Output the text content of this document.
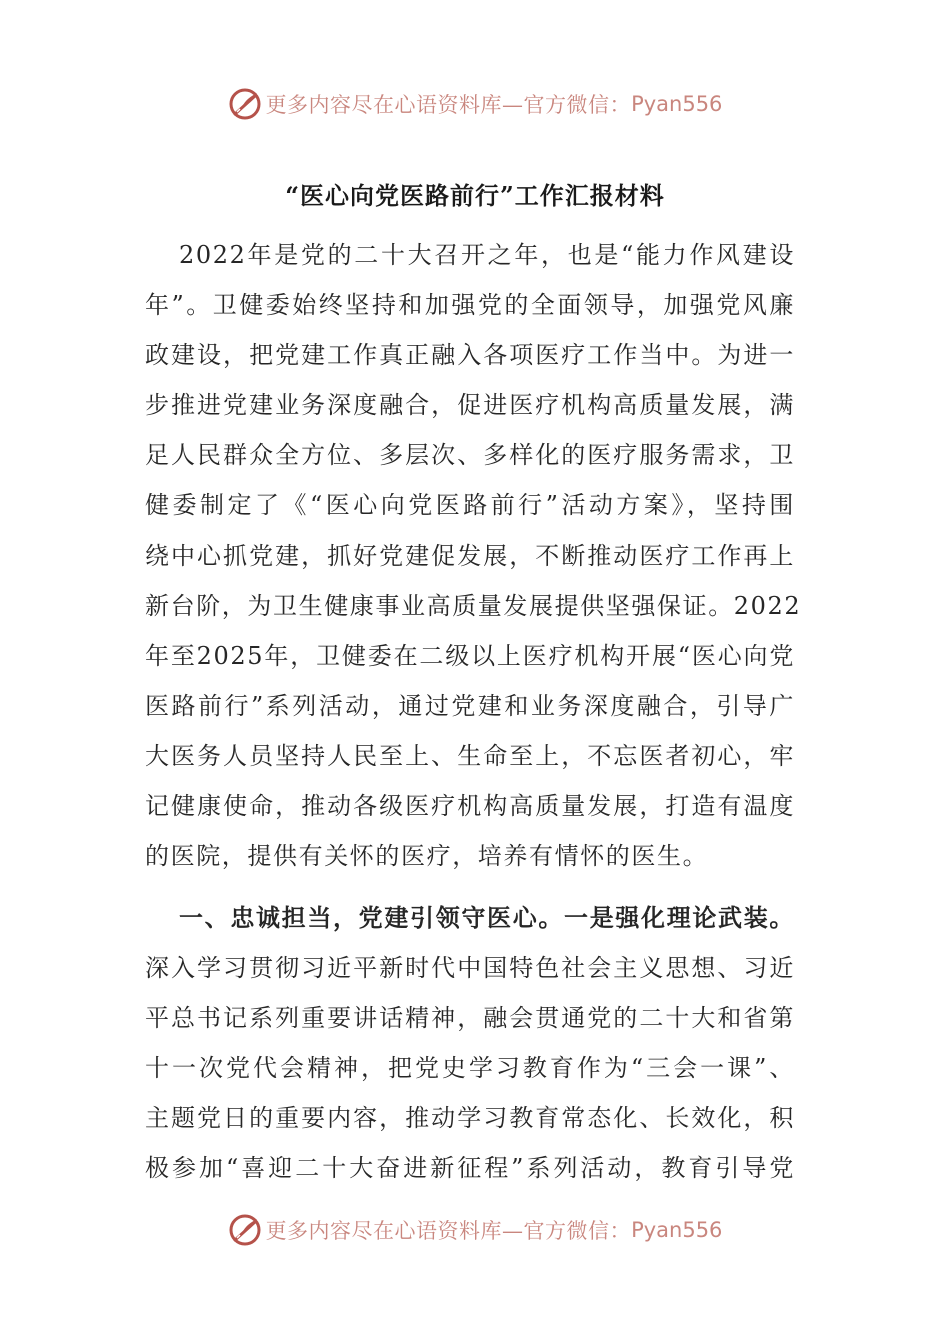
更多内容尽在心语资料库—官方微信： Pyan556
“医心向党医路前行”工作汇报材料
2022年是党的二十大召开之年，也是“能力作风建设
年”。卫健委始终坚持和加强党的全面领导，加强党风廉
政建设，把党建工作真正融入各项医疗工作当中。为进一
步推进党建业务深度融合，促进医疗机构高质量发展，满
足人民群众全方位、多层次、多样化的医疗服务需求，卫
健委制定了《“医心向党医路前行”活动方案》，坚持围
绕中心抓党建，抓好党建促发展，不断推动医疗工作再上
新台阶，为卫生健康事业高质量发展提供坚强保证。2022
年至2025年，卫健委在二级以上医疗机构开展“医心向党
医路前行”系列活动，通过党建和业务深度融合，引导广
大医务人员坚持人民至上、生命至上，不忘医者初心，牢
记健康使命，推动各级医疗机构高质量发展，打造有温度
的医院，提供有关怀的医疗，培养有情怀的医生。
一、忠诚担当，党建引领守医心。一是强化理论武装。
深入学习贯彻习近平新时代中国特色社会主义思想、习近
平总书记系列重要讲话精神，融会贯通党的二十大和省第
十一次党代会精神，把党史学习教育作为“三会一课”、
主题党日的重要内容，推动学习教育常态化、长效化，积
极参加“喜迎二十大奋进新征程”系列活动，教育引导党
更多内容尽在心语资料库—官方微信： Pyan556
